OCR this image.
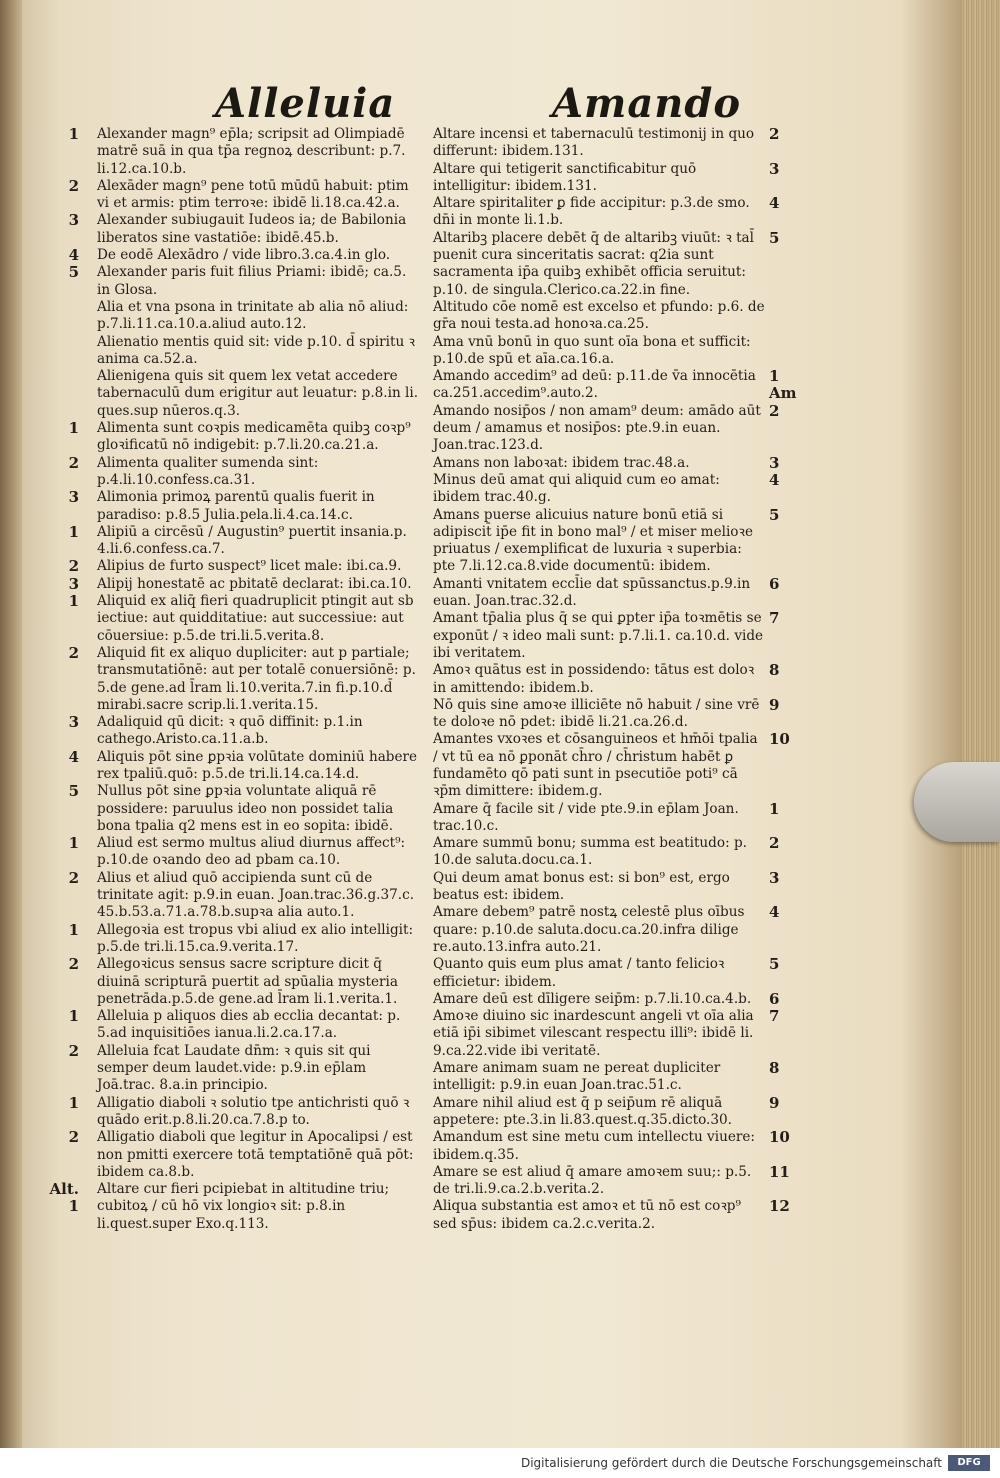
Alleluia	Amando
1 Alexander magn⁹ ep̄la; scripsit ad Olimpiadē matrē suā in qua tp̄a regnoꝝ describunt: p.7. li.12.ca.10.b.
2 Alexāder magn⁹ pene totū mūdū habuit: ptim vi et armis: ptim terroꝛe: ibidē li.18.ca.42.a.
3 Alexander subiugauit Iudeos ia; de Babilonia liberatos sine vastatiōe: ibidē.45.b.
4 De eodē Alexādro / vide libro.3.ca.4.in glo.
5 Alexander paris fuit filius Priami: ibidē; ca.5. in Glosa.
Alia et vna psona in trinitate ab alia nō aliud: p.7.li.11.ca.10.a.aliud auto.12.
Alienatio mentis quid sit: vide p.10. d̄ spiritu ꝛ anima ca.52.a.
Alienigena quis sit quem lex vetat accedere tabernaculū dum erigitur aut leuatur: p.8.in li. ques.sup nūeros.q.3.
1 Alimenta sunt coꝛpis medicamēta quibꝫ coꝛp⁹ gloꝛificatū nō indigebit: p.7.li.20.ca.21.a.
2 Alimenta qualiter sumenda sint: p.4.li.10.confess.ca.31.
3 Alimonia primoꝝ parentū qualis fuerit in paradiso: p.8.5̄ Julia.pela.li.4.ca.14.c.
1 Alipiū a circēsū / Augustin⁹ puertit insania.p. 4.li.6.confess.ca.7.
2 Alipius de furto suspect⁹ licet male: ibi.ca.9.
3 Alipij honestatē ac pbitatē declarat: ibi.ca.10.
1 Aliquid ex aliq̄ fieri quadruplicit ptingit aut sb iectiue: aut quidditatiue: aut successiue: aut cōuersiue: p.5.de tri.li.5.verita.8.
2 Aliquid fit ex aliquo dupliciter: aut p partiale; transmutatiōnē: aut per totalē conuersiōnē: p. 5.de gene.ad l̄ram li.10.verita.7.in fi.p.10.d̄ mirabi.sacre scrip.li.1.verita.15.
3 Adaliquid qū dicit: ꝛ quō diffinit: p.1.in cathego.Aristo.ca.11.a.b.
4 Aliquis pōt sine ꝑpꝛia volūtate dominiū habere rex tpaliū.quō: p.5.de tri.li.14.ca.14.d.
5 Nullus pōt sine ꝑpꝛia voluntate aliquā rē possidere: paruulus ideo non possidet talia bona tpalia q2 mens est in eo sopita: ibidē.
1 Aliud est sermo multus aliud diurnus affect⁹: p.10.de oꝛando deo ad pbam ca.10.
2 Alius et aliud quō accipienda sunt cū de trinitate agit: p.9.in euan. Joan.trac.36.g.37.c. 45.b.53.a.71.a.78.b.supꝛa alia auto.1.
1 Allegoꝛia est tropus vbi aliud ex alio intelligit: p.5.de tri.li.15.ca.9.verita.17.
2 Allegoꝛicus sensus sacre scripture dicit q̄ diuinā scripturā puertit ad spūalia mysteria penetrāda.p.5.de gene.ad l̄ram li.1.verita.1.
1 Alleluia p aliquos dies ab ecclia decantat: p. 5.ad inquisitiōes ianua.li.2.ca.17.a.
2 Alleluia fcat Laudate dn̄m: ꝛ quis sit qui semper deum laudet.vide: p.9.in ep̄lam Joā.trac. 8.a.in principio.
1 Alligatio diaboli ꝛ solutio tpe antichristi quō ꝛ quādo erit.p.8.li.20.ca.7.8.p to.
2 Alligatio diaboli que legitur in Apocalipsi / est non pmitti exercere totā temptatiōnē quā pōt: ibidem ca.8.b.
Alt. 1
Altare cur fieri pcipiebat in altitudine triu; cubitoꝝ / cū hō vix longioꝛ sit: p.8.in li.quest.super Exo.q.113.
2
Altare incensi et tabernaculū testimonij in quo differunt: ibidem.131.
3
Altare qui tetigerit sanctificabitur quō intelligitur: ibidem.131.
4
Altare spiritaliter ꝑ fide accipitur: p.3.de smo. dn̄i in monte li.1.b.
5
Altaribꝫ placere debēt q̄ de altaribꝫ viuūt: ꝛ tal̄ puenit cura sinceritatis sacrat: q2ia sunt sacramenta ip̄a quibꝫ exhibēt officia seruitut: p.10. de singula.Clerico.ca.22.in fine.
Altitudo cōe nomē est excelso et pfundo: p.6. de gr̄a noui testa.ad honoꝛa.ca.25.
Ama vnū bonū in quo sunt oīa bona et sufficit: p.10.de spū et aīa.ca.16.a.
1 Am
Amando accedim⁹ ad deū: p.11.de v̄a innocētia ca.251.accedim⁹.auto.2.
2
Amando nosip̄os / non amam⁹ deum: amādo aūt deum / amamus et nosip̄os: pte.9.in euan. Joan.trac.123.d.
3
Amans non laboꝛat: ibidem trac.48.a.
4
Minus deū amat qui aliquid cum eo amat: ibidem trac.40.g.
5
Amans puerse alicuius nature bonū etiā si adipiscit̄ ip̄e fit in bono mal⁹ / et miser melioꝛe priuatus / exemplificat de luxuria ꝛ superbia: pte 7.li.12.ca.8.vide documentū: ibidem.
6
Amanti vnitatem eccl̄ie dat spūssanctus.p.9.in euan. Joan.trac.32.d.
7
Amant tp̄alia plus q̄ se qui ꝑpter ip̄a toꝛmētis se exponūt / ꝛ ideo mali sunt: p.7.li.1. ca.10.d. vide ibi veritatem.
8
Amoꝛ quātus est in possidendo: tātus est doloꝛ in amittendo: ibidem.b.
9
Nō quis sine amoꝛe illiciēte nō habuit / sine vrē te doloꝛe nō pdet: ibidē li.21.ca.26.d.
10
Amantes vxoꝛes et cōsanguineos et hm̄ōi tpalia / vt tū ea nō ꝑponāt ch̄ro / ch̄ristum habēt ꝑ fundamēto qō pati sunt in psecutiōe poti⁹ cā ꝛp̄m dimittere: ibidem.g.
1
Amare q̄ facile sit / vide pte.9.in ep̄lam Joan. trac.10.c.
2
Amare summū bonu; summa est beatitudo: p. 10.de saluta.docu.ca.1.
3
Qui deum amat bonus est: si bon⁹ est, ergo beatus est: ibidem.
4
Amare debem⁹ patrē nostꝝ celestē plus oībus quare: p.10.de saluta.docu.ca.20.infra dilige re.auto.13.infra auto.21.
5
Quanto quis eum plus amat / tanto felicioꝛ efficietur: ibidem.
6
Amare deū est dīligere seip̄m: p.7.li.10.ca.4.b.
7
Amoꝛe diuino sic inardescunt angeli vt oīa alia etiā ip̄i sibimet vilescant respectu illi⁹: ibidē li. 9.ca.22.vide ibi veritatē.
8
Amare animam suam ne pereat dupliciter intelligit: p.9.in euan Joan.trac.51.c.
9
Amare nihil aliud est q̄ p seip̄um rē aliquā appetere: pte.3.in li.83.quest.q.35.dicto.30.
10
Amandum est sine metu cum intellectu viuere: ibidem.q.35.
11
Amare se est aliud q̄ amare amoꝛem suu;: p.5. de tri.li.9.ca.2.b.verita.2.
12
Aliqua substantia est amoꝛ et tū nō est coꝛp⁹ sed sp̄us: ibidem ca.2.c.verita.2.
Digitalisierung gefördert durch die Deutsche Forschungsgemeinschaft	DFG
